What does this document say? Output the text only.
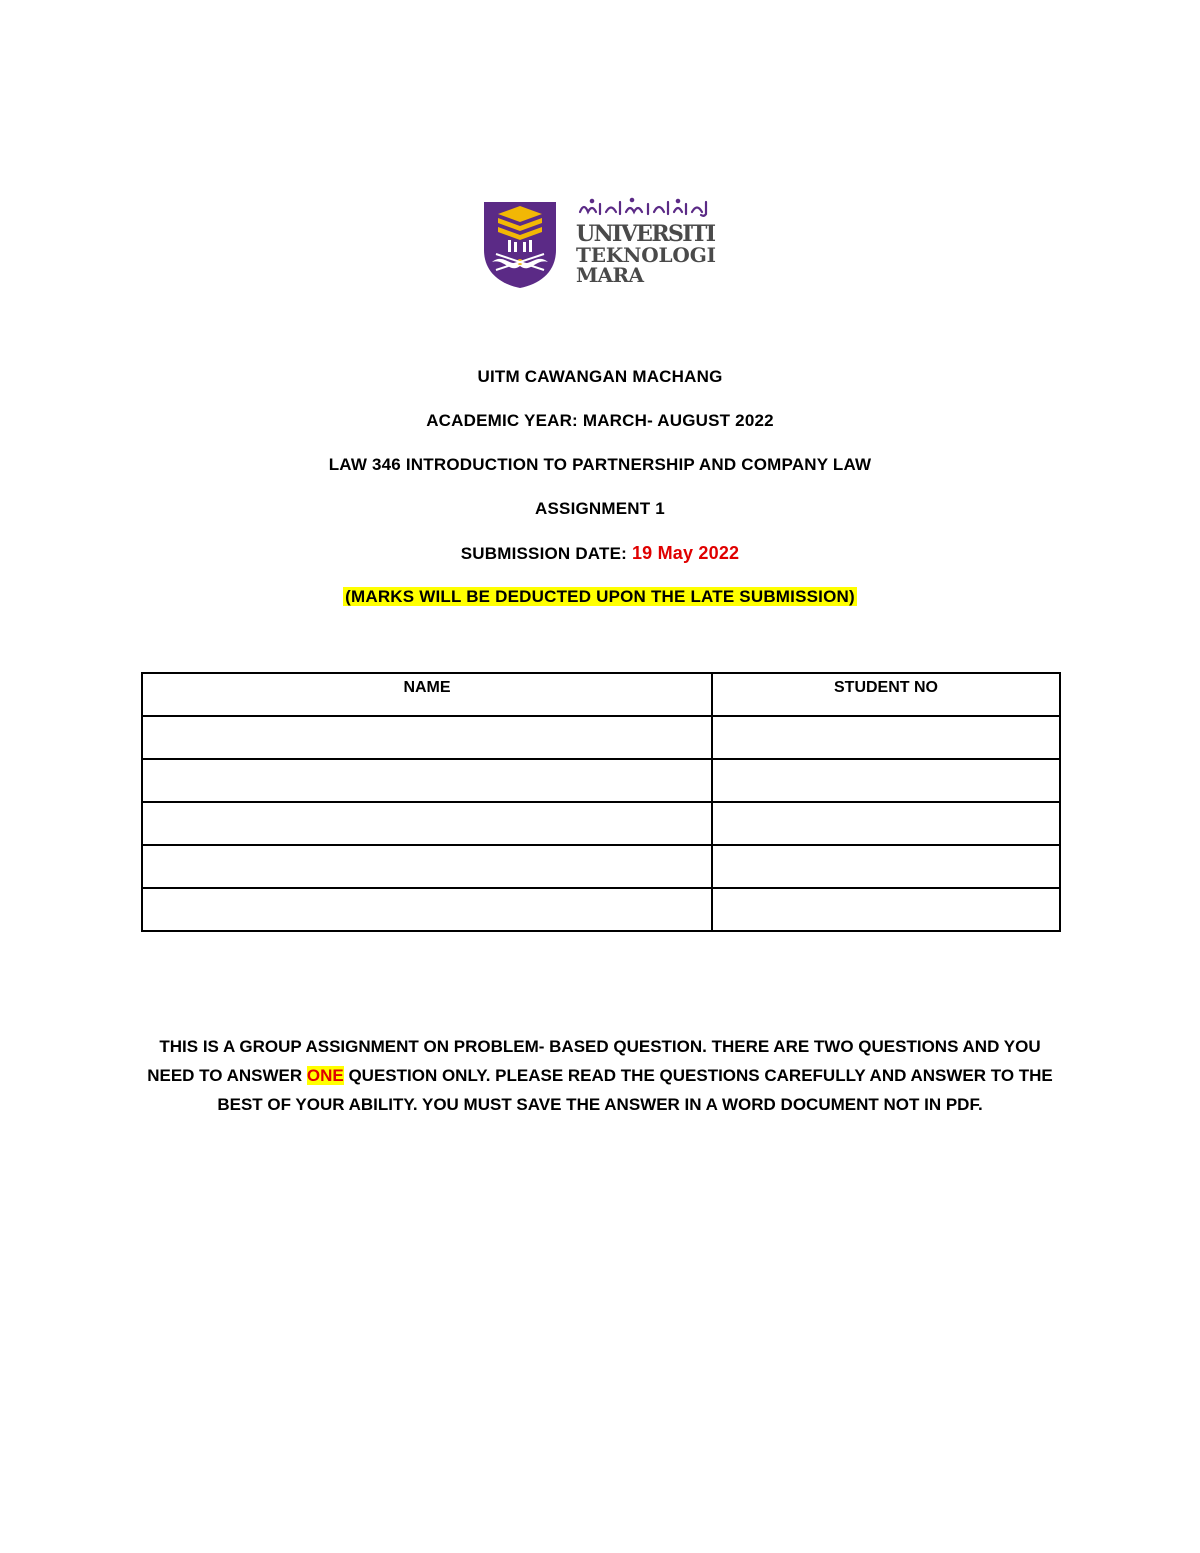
UNIVERSITI
TEKNOLOGI
MARA
UITM CAWANGAN MACHANG
ACADEMIC YEAR: MARCH- AUGUST 2022
LAW 346 INTRODUCTION TO PARTNERSHIP AND COMPANY LAW
ASSIGNMENT 1
SUBMISSION DATE: 19 May 2022
(MARKS WILL BE DEDUCTED UPON THE LATE SUBMISSION)
NAME	STUDENT NO

THIS IS A GROUP ASSIGNMENT ON PROBLEM- BASED QUESTION. THERE ARE TWO QUESTIONS AND YOU NEED TO ANSWER ONE QUESTION ONLY. PLEASE READ THE QUESTIONS CAREFULLY AND ANSWER TO THE BEST OF YOUR ABILITY. YOU MUST SAVE THE ANSWER IN A WORD DOCUMENT NOT IN PDF.
